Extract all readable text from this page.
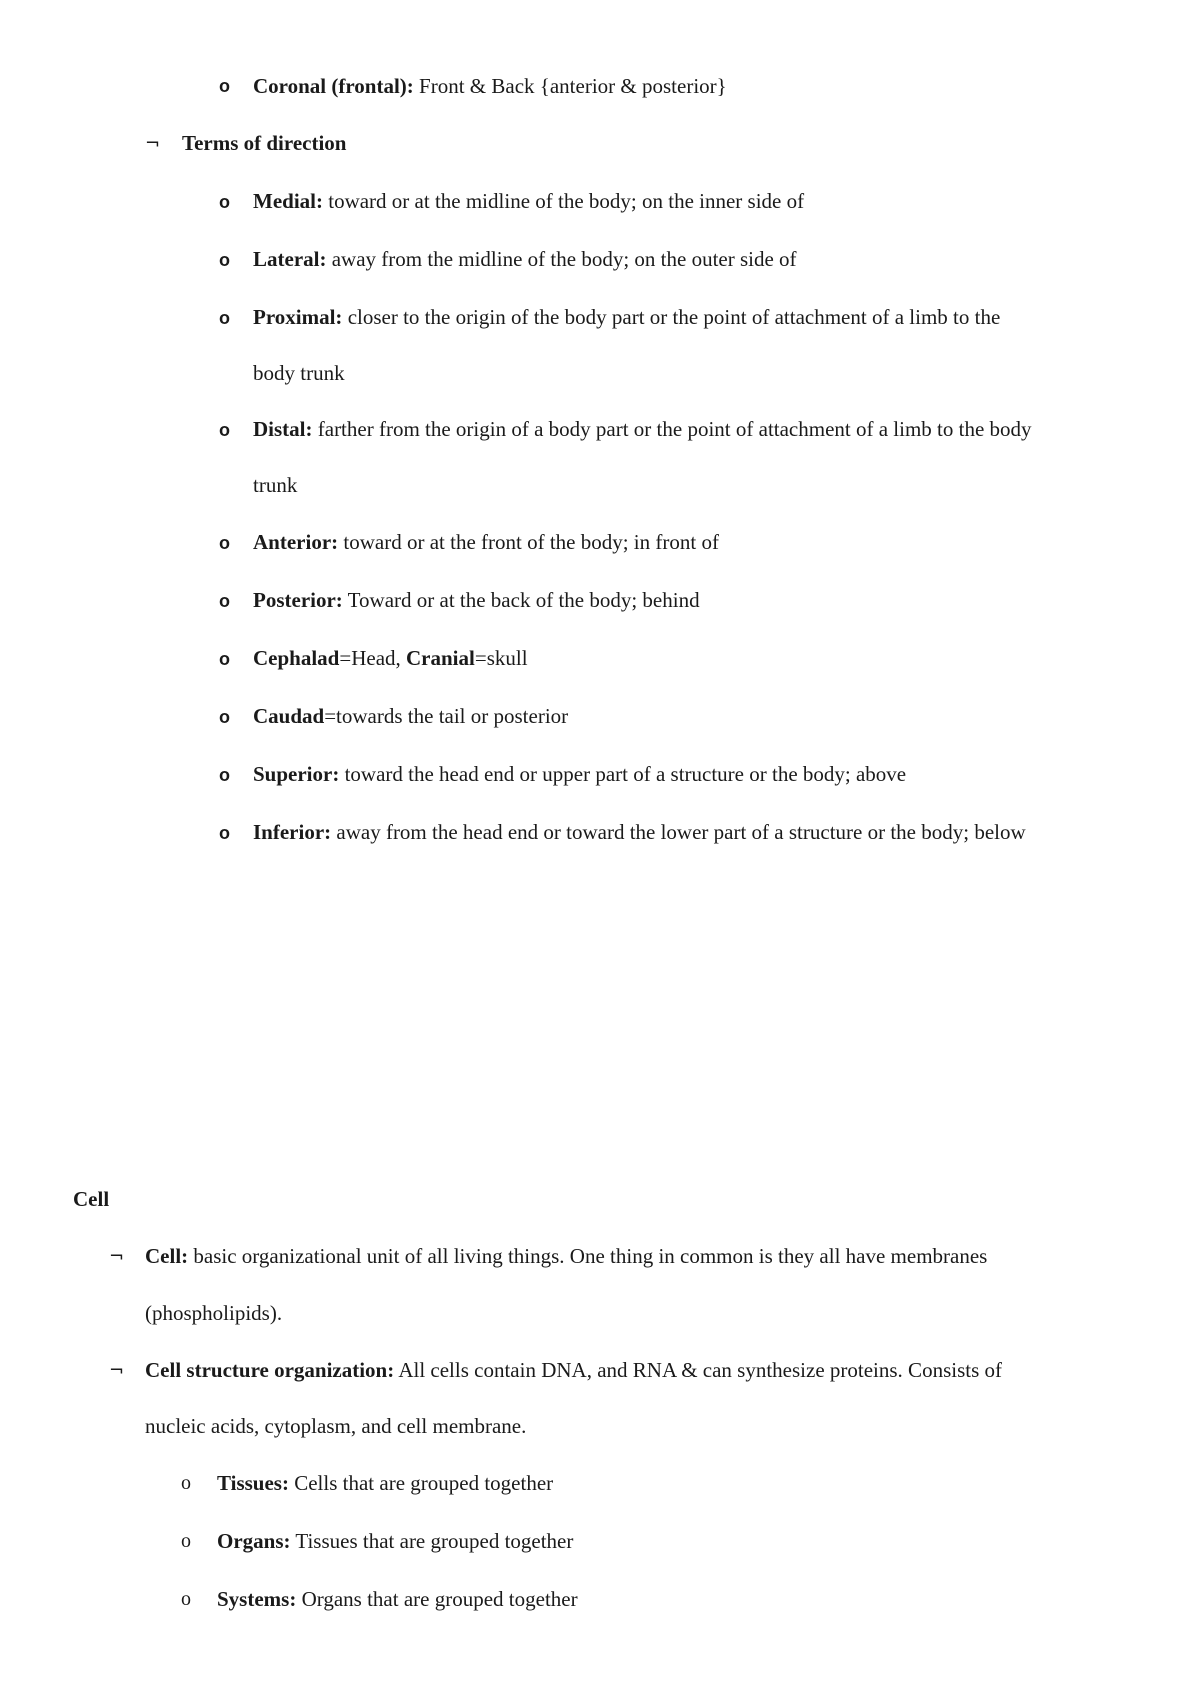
o Coronal (frontal): Front & Back {anterior & posterior}
¬ Terms of direction
o Medial: toward or at the midline of the body; on the inner side of
o Lateral: away from the midline of the body; on the outer side of
o Proximal: closer to the origin of the body part or the point of attachment of a limb to the
body trunk
o Distal: farther from the origin of a body part or the point of attachment of a limb to the body
trunk
o Anterior: toward or at the front of the body; in front of
o Posterior: Toward or at the back of the body; behind
o Cephalad=Head, Cranial=skull
o Caudad=towards the tail or posterior
o Superior: toward the head end or upper part of a structure or the body; above
o Inferior: away from the head end or toward the lower part of a structure or the body; below
Cell
¬ Cell: basic organizational unit of all living things. One thing in common is they all have membranes
(phospholipids).
¬ Cell structure organization: All cells contain DNA, and RNA & can synthesize proteins. Consists of
nucleic acids, cytoplasm, and cell membrane.
o Tissues: Cells that are grouped together
o Organs: Tissues that are grouped together
o Systems: Organs that are grouped together
